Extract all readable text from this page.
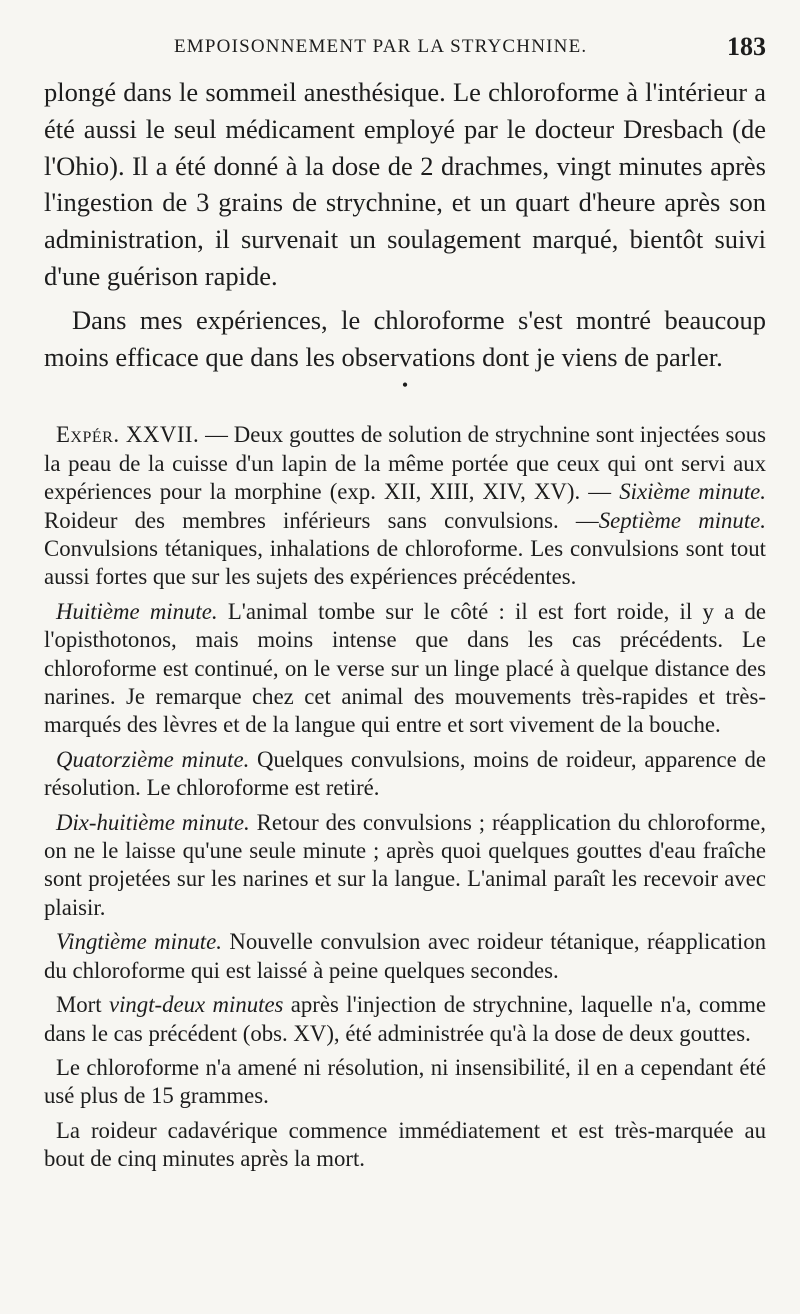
EMPOISONNEMENT PAR LA STRYCHNINE.	183

plongé dans le sommeil anesthésique. Le chloroforme à l'intérieur a été aussi le seul médicament employé par le docteur Dresbach (de l'Ohio). Il a été donné à la dose de 2 drachmes, vingt minutes après l'ingestion de 3 grains de strychnine, et un quart d'heure après son administration, il survenait un soulagement marqué, bientôt suivi d'une guérison rapide.

Dans mes expériences, le chloroforme s'est montré beaucoup moins efficace que dans les observations dont je viens de parler.

•

Expér. XXVII. — Deux gouttes de solution de strychnine sont injectées sous la peau de la cuisse d'un lapin de la même portée que ceux qui ont servi aux expériences pour la morphine (exp. XII, XIII, XIV, XV). — Sixième minute. Roideur des membres inférieurs sans convulsions. —Septième minute. Convulsions tétaniques, inhalations de chloroforme. Les convulsions sont tout aussi fortes que sur les sujets des expériences précédentes.

Huitième minute. L'animal tombe sur le côté : il est fort roide, il y a de l'opisthotonos, mais moins intense que dans les cas précédents. Le chloroforme est continué, on le verse sur un linge placé à quelque distance des narines. Je remarque chez cet animal des mouvements très-rapides et très-marqués des lèvres et de la langue qui entre et sort vivement de la bouche.

Quatorzième minute. Quelques convulsions, moins de roideur, apparence de résolution. Le chloroforme est retiré.

Dix-huitième minute. Retour des convulsions ; réapplication du chloroforme, on ne le laisse qu'une seule minute ; après quoi quelques gouttes d'eau fraîche sont projetées sur les narines et sur la langue. L'animal paraît les recevoir avec plaisir.

Vingtième minute. Nouvelle convulsion avec roideur tétanique, réapplication du chloroforme qui est laissé à peine quelques secondes.

Mort vingt-deux minutes après l'injection de strychnine, laquelle n'a, comme dans le cas précédent (obs. XV), été administrée qu'à la dose de deux gouttes.

Le chloroforme n'a amené ni résolution, ni insensibilité, il en a cependant été usé plus de 15 grammes.

La roideur cadavérique commence immédiatement et est très-marquée au bout de cinq minutes après la mort.
